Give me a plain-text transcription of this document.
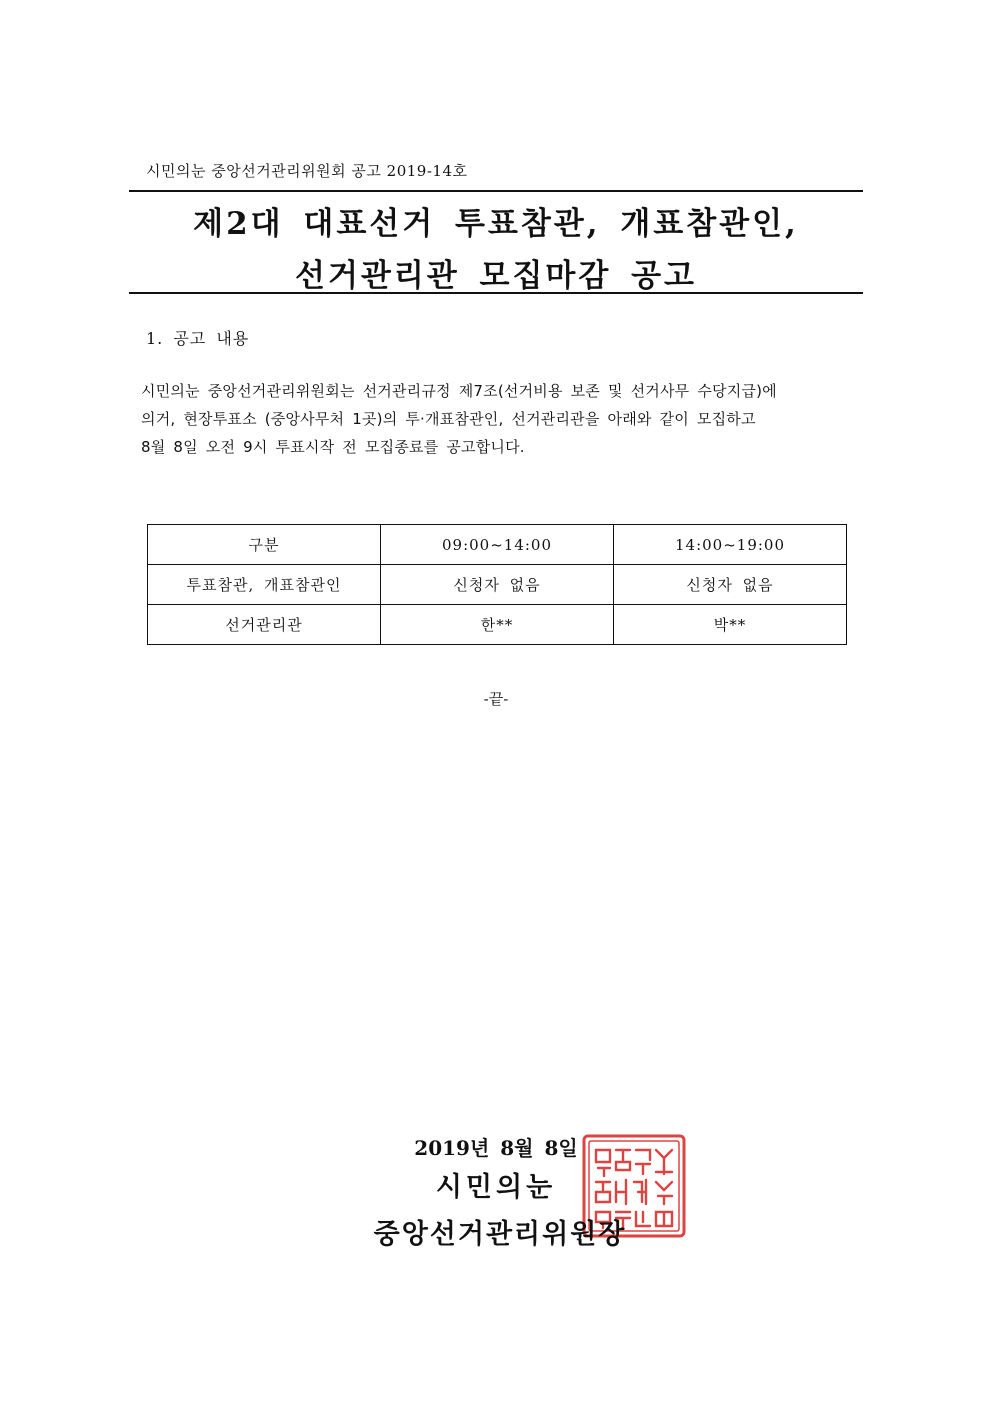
시민의눈 중앙선거관리위원회 공고 2019-14호
제2대 대표선거 투표참관, 개표참관인,
선거관리관 모집마감 공고
1. 공고 내용
시민의눈 중앙선거관리위원회는 선거관리규정 제7조(선거비용 보존 및 선거사무 수당지급)에
의거, 현장투표소 (중앙사무처 1곳)의 투·개표참관인, 선거관리관을 아래와 같이 모집하고
8월 8일 오전 9시 투표시작 전 모집종료를 공고합니다.
구분	09:00~14:00	14:00~19:00
투표참관, 개표참관인	신청자 없음	신청자 없음
선거관리관	한**	박**
-끝-
2019년 8월 8일
시민의눈
중앙선거관리위원장
